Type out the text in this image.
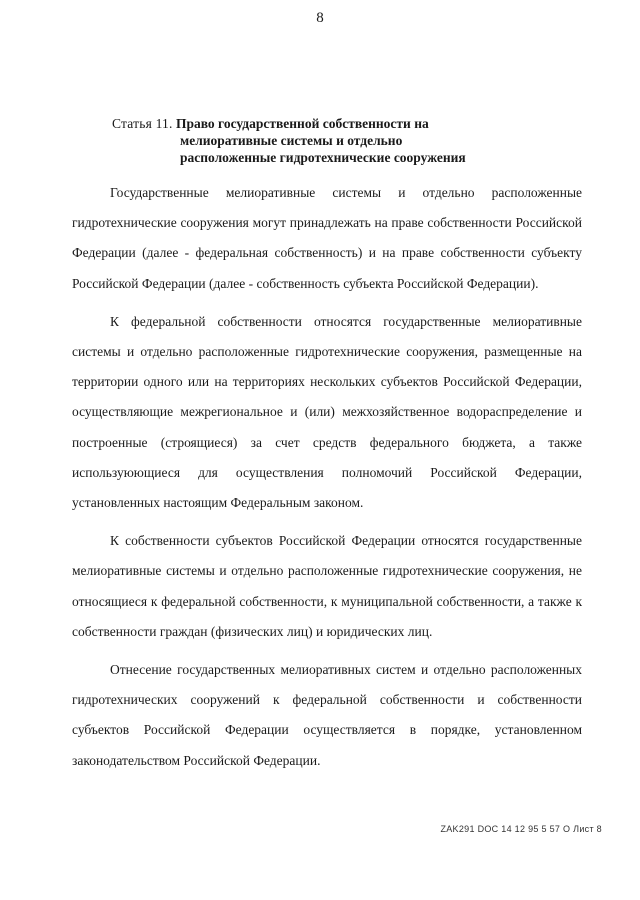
8
Статья 11. Право государственной собственности на
мелиоративные системы и отдельно
расположенные гидротехнические сооружения

Государственные мелиоративные системы и отдельно расположенные гидротехнические сооружения могут принадлежать на праве собственности Российской Федерации (далее - федеральная собственность) и на праве собственности субъекту Российской Федерации (далее - собственность субъекта Российской Федерации).

К федеральной собственности относятся государственные мелиоративные системы и отдельно расположенные гидротехнические сооружения, размещенные на территории одного или на территориях нескольких субъектов Российской Федерации, осуществляющие межрегиональное и (или) межхозяйственное водораспределение и построенные (строящиеся) за счет средств федерального бюджета, а также используюющиеся для осуществления полномочий Российской Федерации, установленных настоящим Федеральным законом.

К собственности субъектов Российской Федерации относятся государственные мелиоративные системы и отдельно расположенные гидротехнические сооружения, не относящиеся к федеральной собственности, к муниципальной собственности, а также к собственности граждан (физических лиц) и юридических лиц.

Отнесение государственных мелиоративных систем и отдельно расположенных гидротехнических сооружений к федеральной собственности и собственности субъектов Российской Федерации осуществляется в порядке, установленном законодательством Российской Федерации.

ZAK291 DOC 14 12 95 5 57 O Лист 8
